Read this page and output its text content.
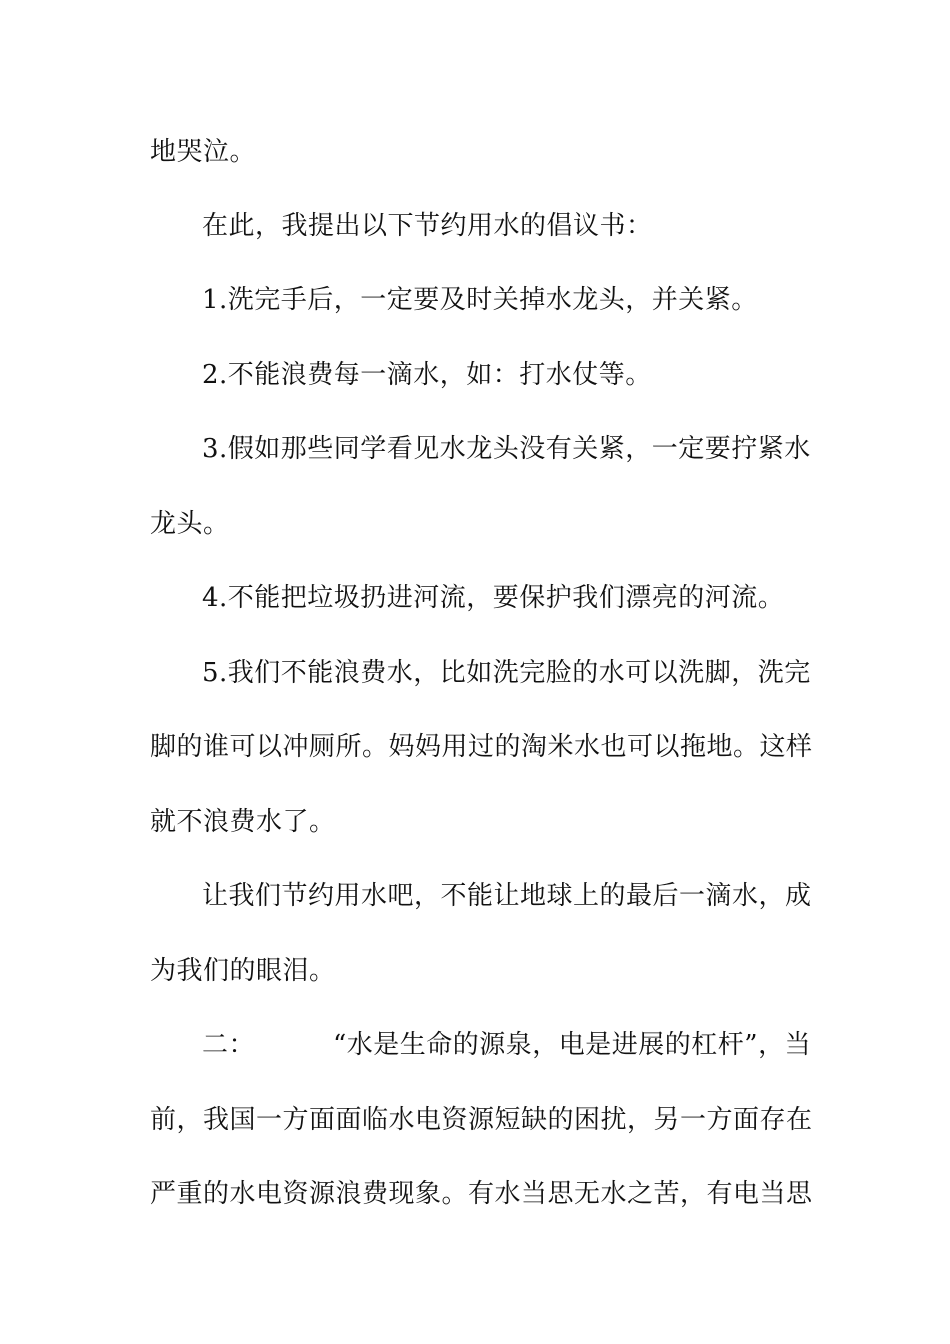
地哭泣。
在此，我提出以下节约用水的倡议书：
1.洗完手后，一定要及时关掉水龙头，并关紧。
2.不能浪费每一滴水，如：打水仗等。
3.假如那些同学看见水龙头没有关紧，一定要拧紧水
龙头。
4.不能把垃圾扔进河流，要保护我们漂亮的河流。
5.我们不能浪费水，比如洗完脸的水可以洗脚，洗完
脚的谁可以冲厕所。妈妈用过的淘米水也可以拖地。这样
就不浪费水了。
让我们节约用水吧，不能让地球上的最后一滴水，成
为我们的眼泪。
二：	“水是生命的源泉，电是进展的杠杆”，当
前，我国一方面面临水电资源短缺的困扰，另一方面存在
严重的水电资源浪费现象。有水当思无水之苦，有电当思
